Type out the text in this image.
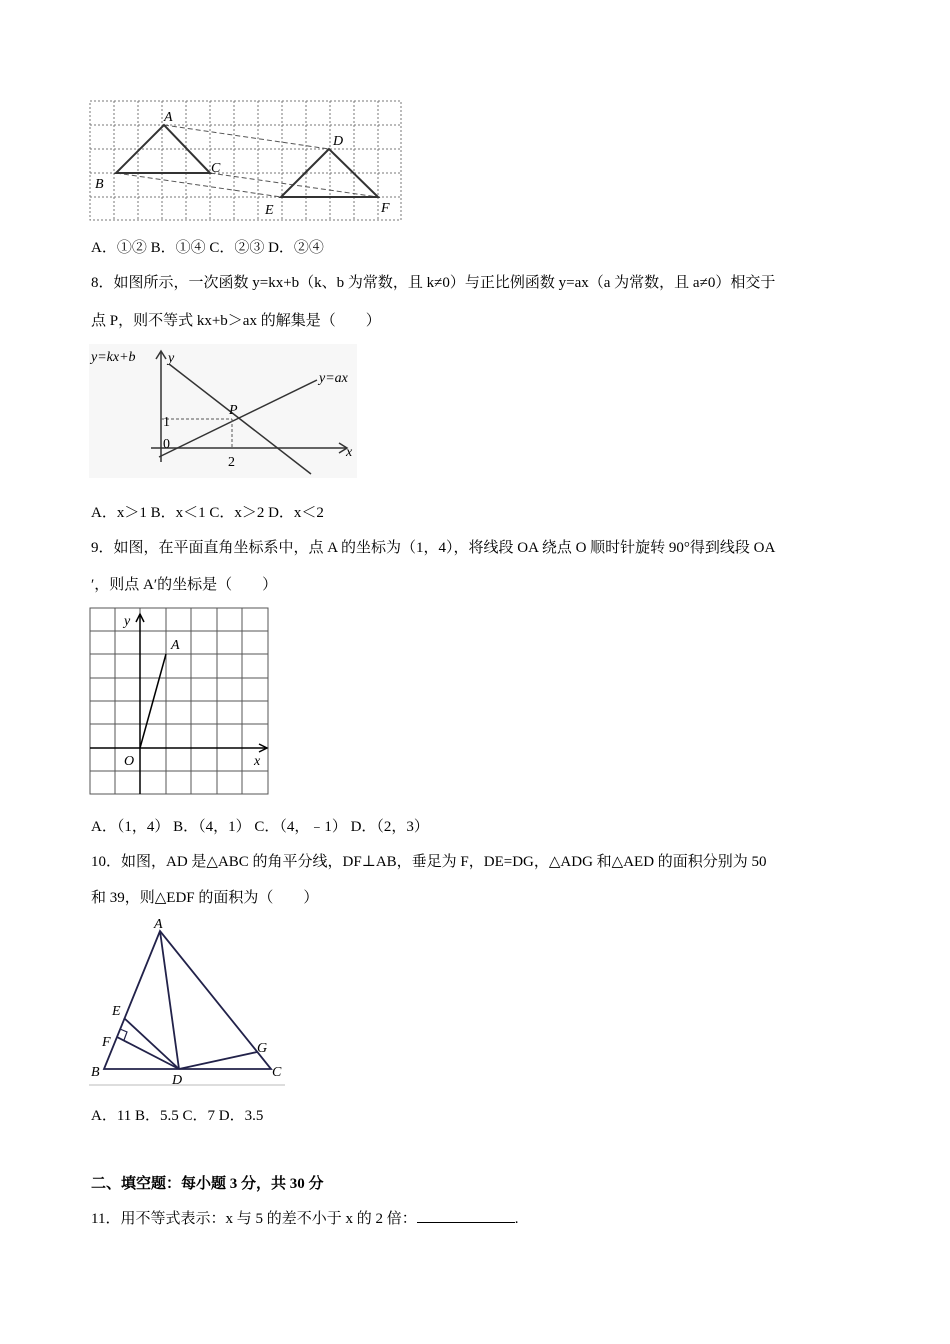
A
B
C
D
E	F
A．①② B．①④ C．②③ D．②④
8．如图所示，一次函数 y=kx+b（k、b 为常数，且 k≠0）与正比例函数 y=ax（a 为常数，且 a≠0）相交于
点 P，则不等式 kx+b＞ax 的解集是（　　）
y=kx+b y
y=ax
P
1
0
2
x
A．x＞1 B．x＜1 C．x＞2 D．x＜2
9．如图，在平面直角坐标系中，点 A 的坐标为（1，4），将线段 OA 绕点 O 顺时针旋转 90°得到线段 OA
′，则点 A′的坐标是（　　）
y
A
O	x
A．（1，4） B．（4，1） C．（4，﹣1） D．（2，3）
10．如图，AD 是△ABC 的角平分线，DF⊥AB，垂足为 F，DE=DG，△ADG 和△AED 的面积分别为 50
和 39，则△EDF 的面积为（　　）
A
B	C
D
E
F	G
A．11 B．5.5 C．7 D．3.5
二、填空题：每小题 3 分，共 30 分
11．用不等式表示：x 与 5 的差不小于 x 的 2 倍：	.
